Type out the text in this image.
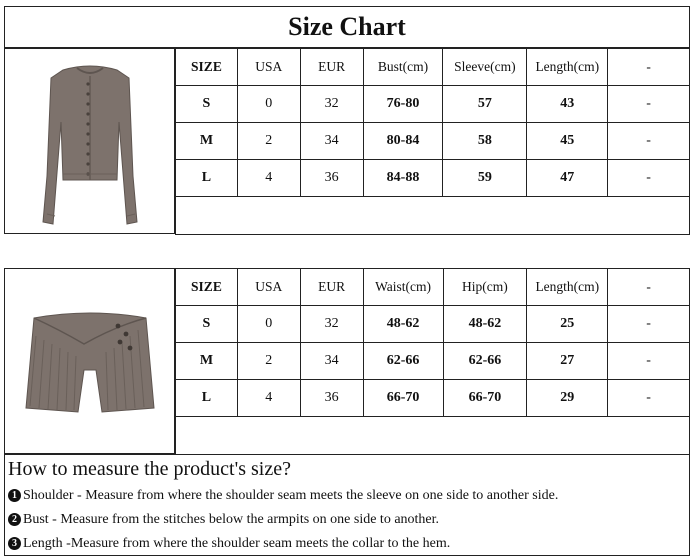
Size Chart
SIZE	USA	EUR	Bust(cm)	Sleeve(cm)	Length(cm)	-
S	0	32	76-80	57	43	-
M	2	34	80-84	58	45	-
L	4	36	84-88	59	47	-

SIZE	USA	EUR	Waist(cm)	Hip(cm)	Length(cm)	-
S	0	32	48-62	48-62	25	-
M	2	34	62-66	62-66	27	-
L	4	36	66-70	66-70	29	-

How to measure the product's size?
1 Shoulder - Measure from where the shoulder seam meets the sleeve on one side to another side.
2 Bust - Measure from the stitches below the armpits on one side to another.
3 Length -Measure from where the shoulder seam meets the collar to the hem.
